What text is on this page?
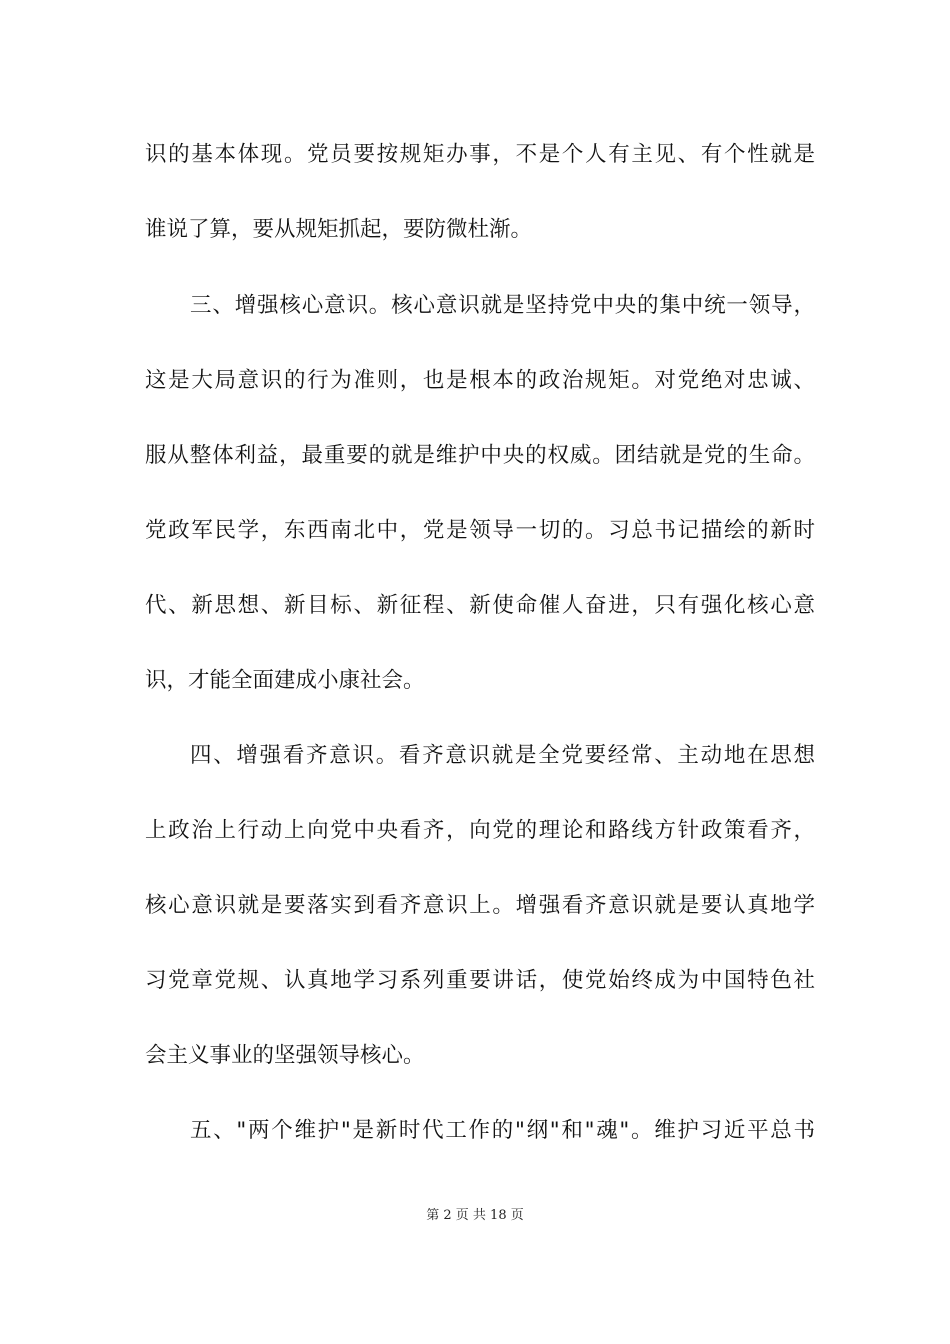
识的基本体现。党员要按规矩办事，不是个人有主见、有个性就是
谁说了算，要从规矩抓起，要防微杜渐。
三、增强核心意识。核心意识就是坚持党中央的集中统一领导，
这是大局意识的行为准则，也是根本的政治规矩。对党绝对忠诚、
服从整体利益，最重要的就是维护中央的权威。团结就是党的生命。
党政军民学，东西南北中，党是领导一切的。习总书记描绘的新时
代、新思想、新目标、新征程、新使命催人奋进，只有强化核心意
识，才能全面建成小康社会。
四、增强看齐意识。看齐意识就是全党要经常、主动地在思想
上政治上行动上向党中央看齐，向党的理论和路线方针政策看齐，
核心意识就是要落实到看齐意识上。增强看齐意识就是要认真地学
习党章党规、认真地学习系列重要讲话，使党始终成为中国特色社
会主义事业的坚强领导核心。
五、"两个维护"是新时代工作的"纲"和"魂"。维护习近平总书
第 2 页 共 18 页
